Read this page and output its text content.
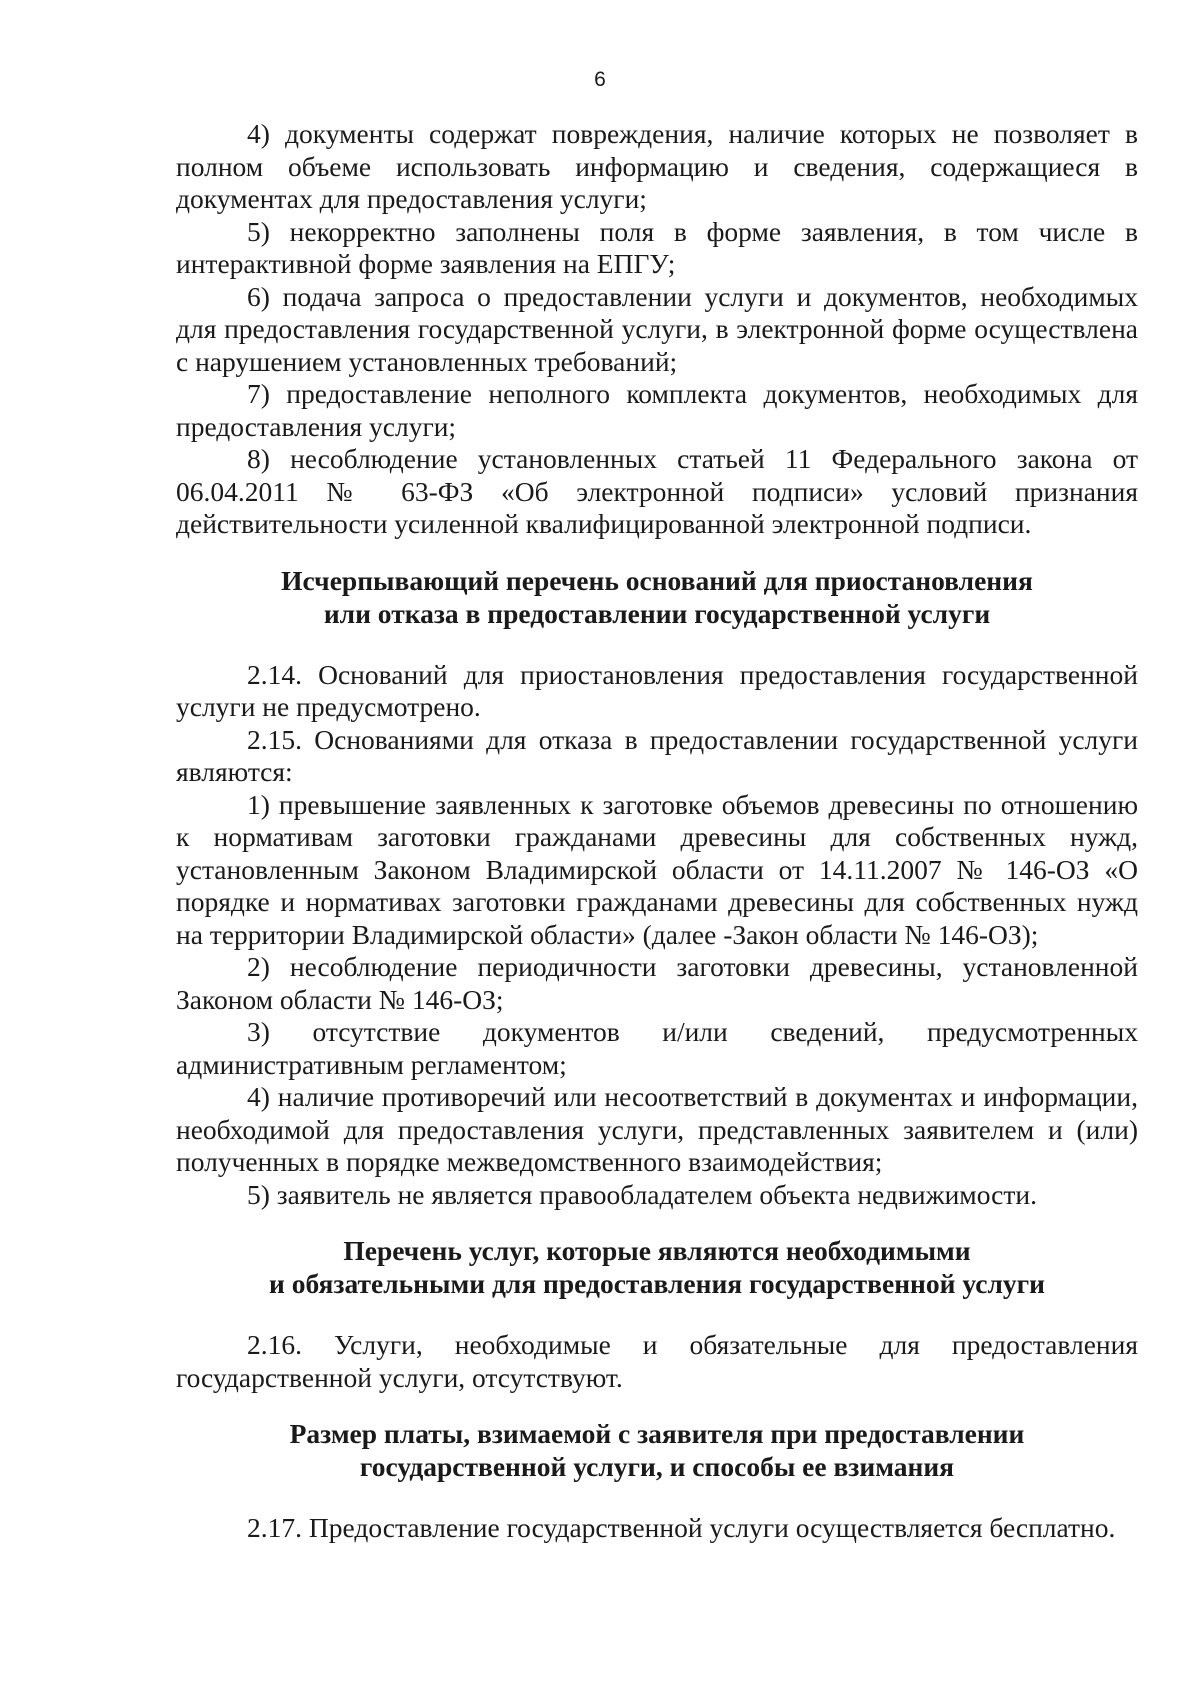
6

4) документы содержат повреждения, наличие которых не позволяет в полном объеме использовать информацию и сведения, содержащиеся в документах для предоставления услуги;

5) некорректно заполнены поля в форме заявления, в том числе в интерактивной форме заявления на ЕПГУ;

6) подача запроса о предоставлении услуги и документов, необходимых для предоставления государственной услуги, в электронной форме осуществлена с нарушением установленных требований;

7) предоставление неполного комплекта документов, необходимых для предоставления услуги;

8) несоблюдение установленных статьей 11 Федерального закона от 06.04.2011 № 63-ФЗ «Об электронной подписи» условий признания действительности усиленной квалифицированной электронной подписи.

Исчерпывающий перечень оснований для приостановления
или отказа в предоставлении государственной услуги

2.14. Оснований для приостановления предоставления государственной услуги не предусмотрено.

2.15. Основаниями для отказа в предоставлении государственной услуги являются:

1) превышение заявленных к заготовке объемов древесины по отношению к нормативам заготовки гражданами древесины для собственных нужд, установленным Законом Владимирской области от 14.11.2007 № 146-ОЗ «О порядке и нормативах заготовки гражданами древесины для собственных нужд на территории Владимирской области» (далее -Закон области № 146-ОЗ);

2) несоблюдение периодичности заготовки древесины, установленной Законом области № 146-ОЗ;

3) отсутствие документов и/или сведений, предусмотренных административным регламентом;

4) наличие противоречий или несоответствий в документах и информации, необходимой для предоставления услуги, представленных заявителем и (или) полученных в порядке межведомственного взаимодействия;

5) заявитель не является правообладателем объекта недвижимости.

Перечень услуг, которые являются необходимыми
и обязательными для предоставления государственной услуги

2.16. Услуги, необходимые и обязательные для предоставления государственной услуги, отсутствуют.

Размер платы, взимаемой с заявителя при предоставлении
государственной услуги, и способы ее взимания

2.17. Предоставление государственной услуги осуществляется бесплатно.
